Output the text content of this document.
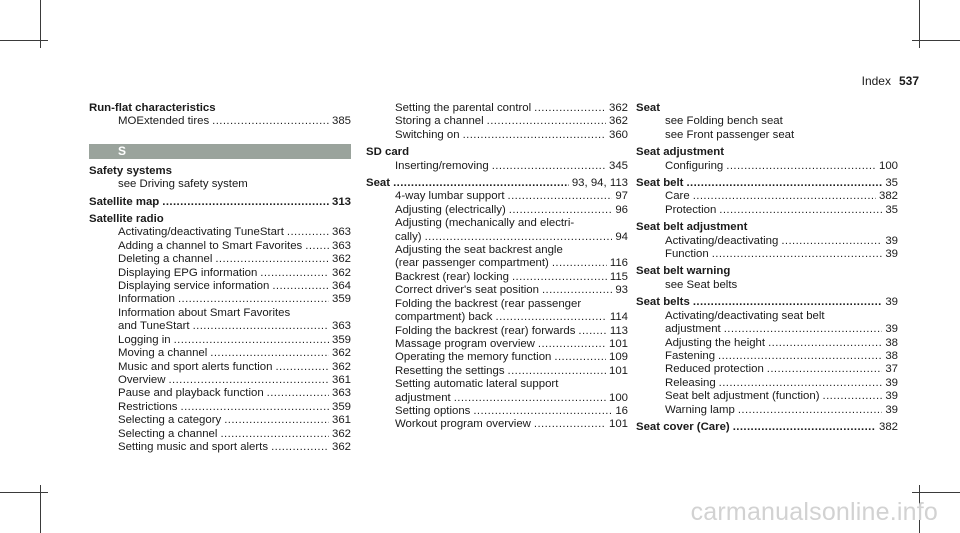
Index 537
Run-flat characteristics
MOExtended tires .....	385
S
Safety systems
see Driving safety system
Satellite map .....	313
Satellite radio
Activating/deactivating TuneStart .....	363
Adding a channel to Smart Favorites .....	363
Deleting a channel .....	362
Displaying EPG information .....	362
Displaying service information .....	364
Information .....	359
Information about Smart Favorites
and TuneStart .....	363
Logging in .....	359
Moving a channel .....	362
Music and sport alerts function .....	362
Overview .....	361
Pause and playback function .....	363
Restrictions .....	359
Selecting a category .....	361
Selecting a channel .....	362
Setting music and sport alerts .....	362
Setting the parental control .....	362
Storing a channel .....	362
Switching on .....	360
SD card
Inserting/removing .....	345
Seat .....	93, 94, 113
4-way lumbar support .....	97
Adjusting (electrically) .....	96
Adjusting (mechanically and electri-
cally) .....	94
Adjusting the seat backrest angle
(rear passenger compartment) .....	116
Backrest (rear) locking .....	115
Correct driver's seat position .....	93
Folding the backrest (rear passenger
compartment) back .....	114
Folding the backrest (rear) forwards .....	113
Massage program overview .....	101
Operating the memory function .....	109
Resetting the settings .....	101
Setting automatic lateral support
adjustment .....	100
Setting options .....	16
Workout program overview .....	101
Seat
see Folding bench seat
see Front passenger seat
Seat adjustment
Configuring .....	100
Seat belt .....	35
Care .....	382
Protection .....	35
Seat belt adjustment
Activating/deactivating .....	39
Function .....	39
Seat belt warning
see Seat belts
Seat belts .....	39
Activating/deactivating seat belt
adjustment .....	39
Adjusting the height .....	38
Fastening .....	38
Reduced protection .....	37
Releasing .....	39
Seat belt adjustment (function) .....	39
Warning lamp .....	39
Seat cover (Care) .....	382
carmanualsonline.info
